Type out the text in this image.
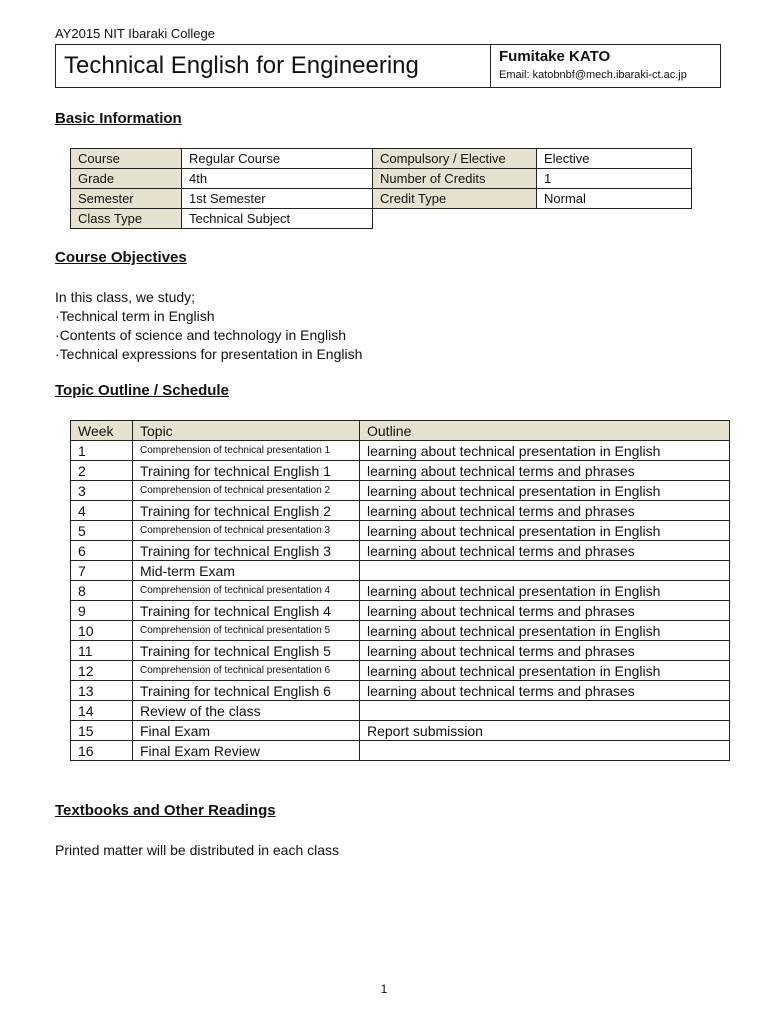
AY2015 NIT Ibaraki College
Technical English for Engineering	Fumitake KATO
Email: katobnbf@mech.ibaraki-ct.ac.jp
Basic Information
Course	Regular Course	Compulsory / Elective	Elective
Grade	4th	Number of Credits	1
Semester	1st Semester	Credit Type	Normal
Class Type	Technical Subject		
Course Objectives
In this class, we study;
·Technical term in English
·Contents of science and technology in English
·Technical expressions for presentation in English
Topic Outline / Schedule
Week	Topic	Outline
1	Comprehension of technical presentation 1	learning about technical presentation in English
2	Training for technical English 1	learning about technical terms and phrases
3	Comprehension of technical presentation 2	learning about technical presentation in English
4	Training for technical English 2	learning about technical terms and phrases
5	Comprehension of technical presentation 3	learning about technical presentation in English
6	Training for technical English 3	learning about technical terms and phrases
7	Mid-term Exam	
8	Comprehension of technical presentation 4	learning about technical presentation in English
9	Training for technical English 4	learning about technical terms and phrases
10	Comprehension of technical presentation 5	learning about technical presentation in English
11	Training for technical English 5	learning about technical terms and phrases
12	Comprehension of technical presentation 6	learning about technical presentation in English
13	Training for technical English 6	learning about technical terms and phrases
14	Review of the class	
15	Final Exam	Report submission
16	Final Exam Review	
Textbooks and Other Readings
Printed matter will be distributed in each class
1
